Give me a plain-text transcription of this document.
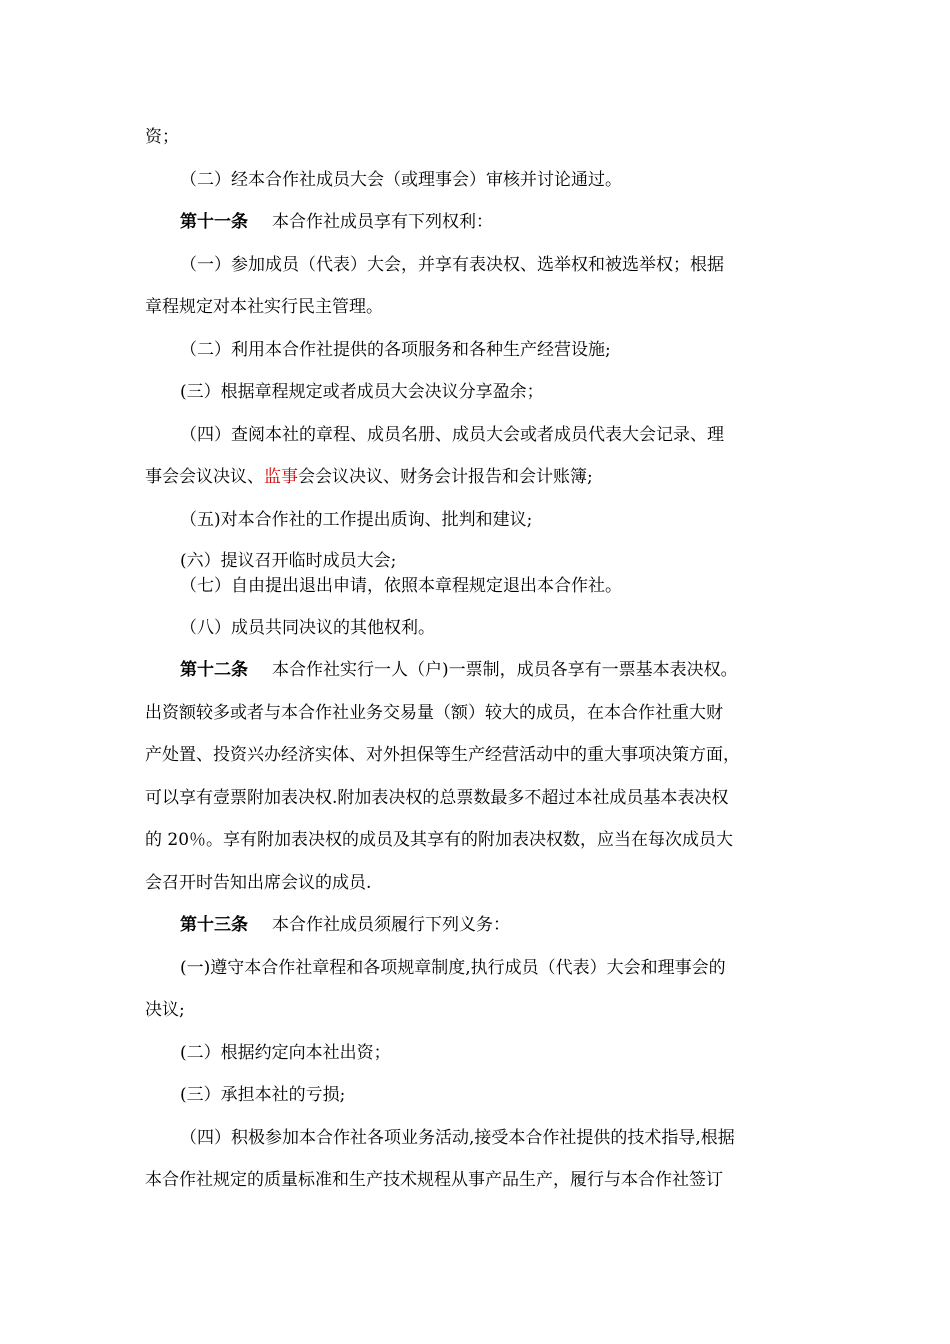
资；
（二）经本合作社成员大会（或理事会）审核并讨论通过。
第十一条 本合作社成员享有下列权利：
（一）参加成员（代表）大会，并享有表决权、选举权和被选举权；根据
章程规定对本社实行民主管理。
（二）利用本合作社提供的各项服务和各种生产经营设施;
(三）根据章程规定或者成员大会决议分享盈余；
（四）查阅本社的章程、成员名册、成员大会或者成员代表大会记录、理
事会会议决议、监事会会议决议、财务会计报告和会计账簿;
（五)对本合作社的工作提出质询、批判和建议;
(六）提议召开临时成员大会;
（七）自由提出退出申请，依照本章程规定退出本合作社。
（八）成员共同决议的其他权利。
第十二条 本合作社实行一人（户)一票制，成员各享有一票基本表决权。
出资额较多或者与本合作社业务交易量（额）较大的成员，在本合作社重大财
产处置、投资兴办经济实体、对外担保等生产经营活动中的重大事项决策方面，
可以享有壹票附加表决权.附加表决权的总票数最多不超过本社成员基本表决权
的 20％。享有附加表决权的成员及其享有的附加表决权数，应当在每次成员大
会召开时告知出席会议的成员.
第十三条 本合作社成员须履行下列义务：
(一)遵守本合作社章程和各项规章制度,执行成员（代表）大会和理事会的
决议;
(二）根据约定向本社出资；
(三）承担本社的亏损;
（四）积极参加本合作社各项业务活动,接受本合作社提供的技术指导,根据
本合作社规定的质量标准和生产技术规程从事产品生产，履行与本合作社签订
